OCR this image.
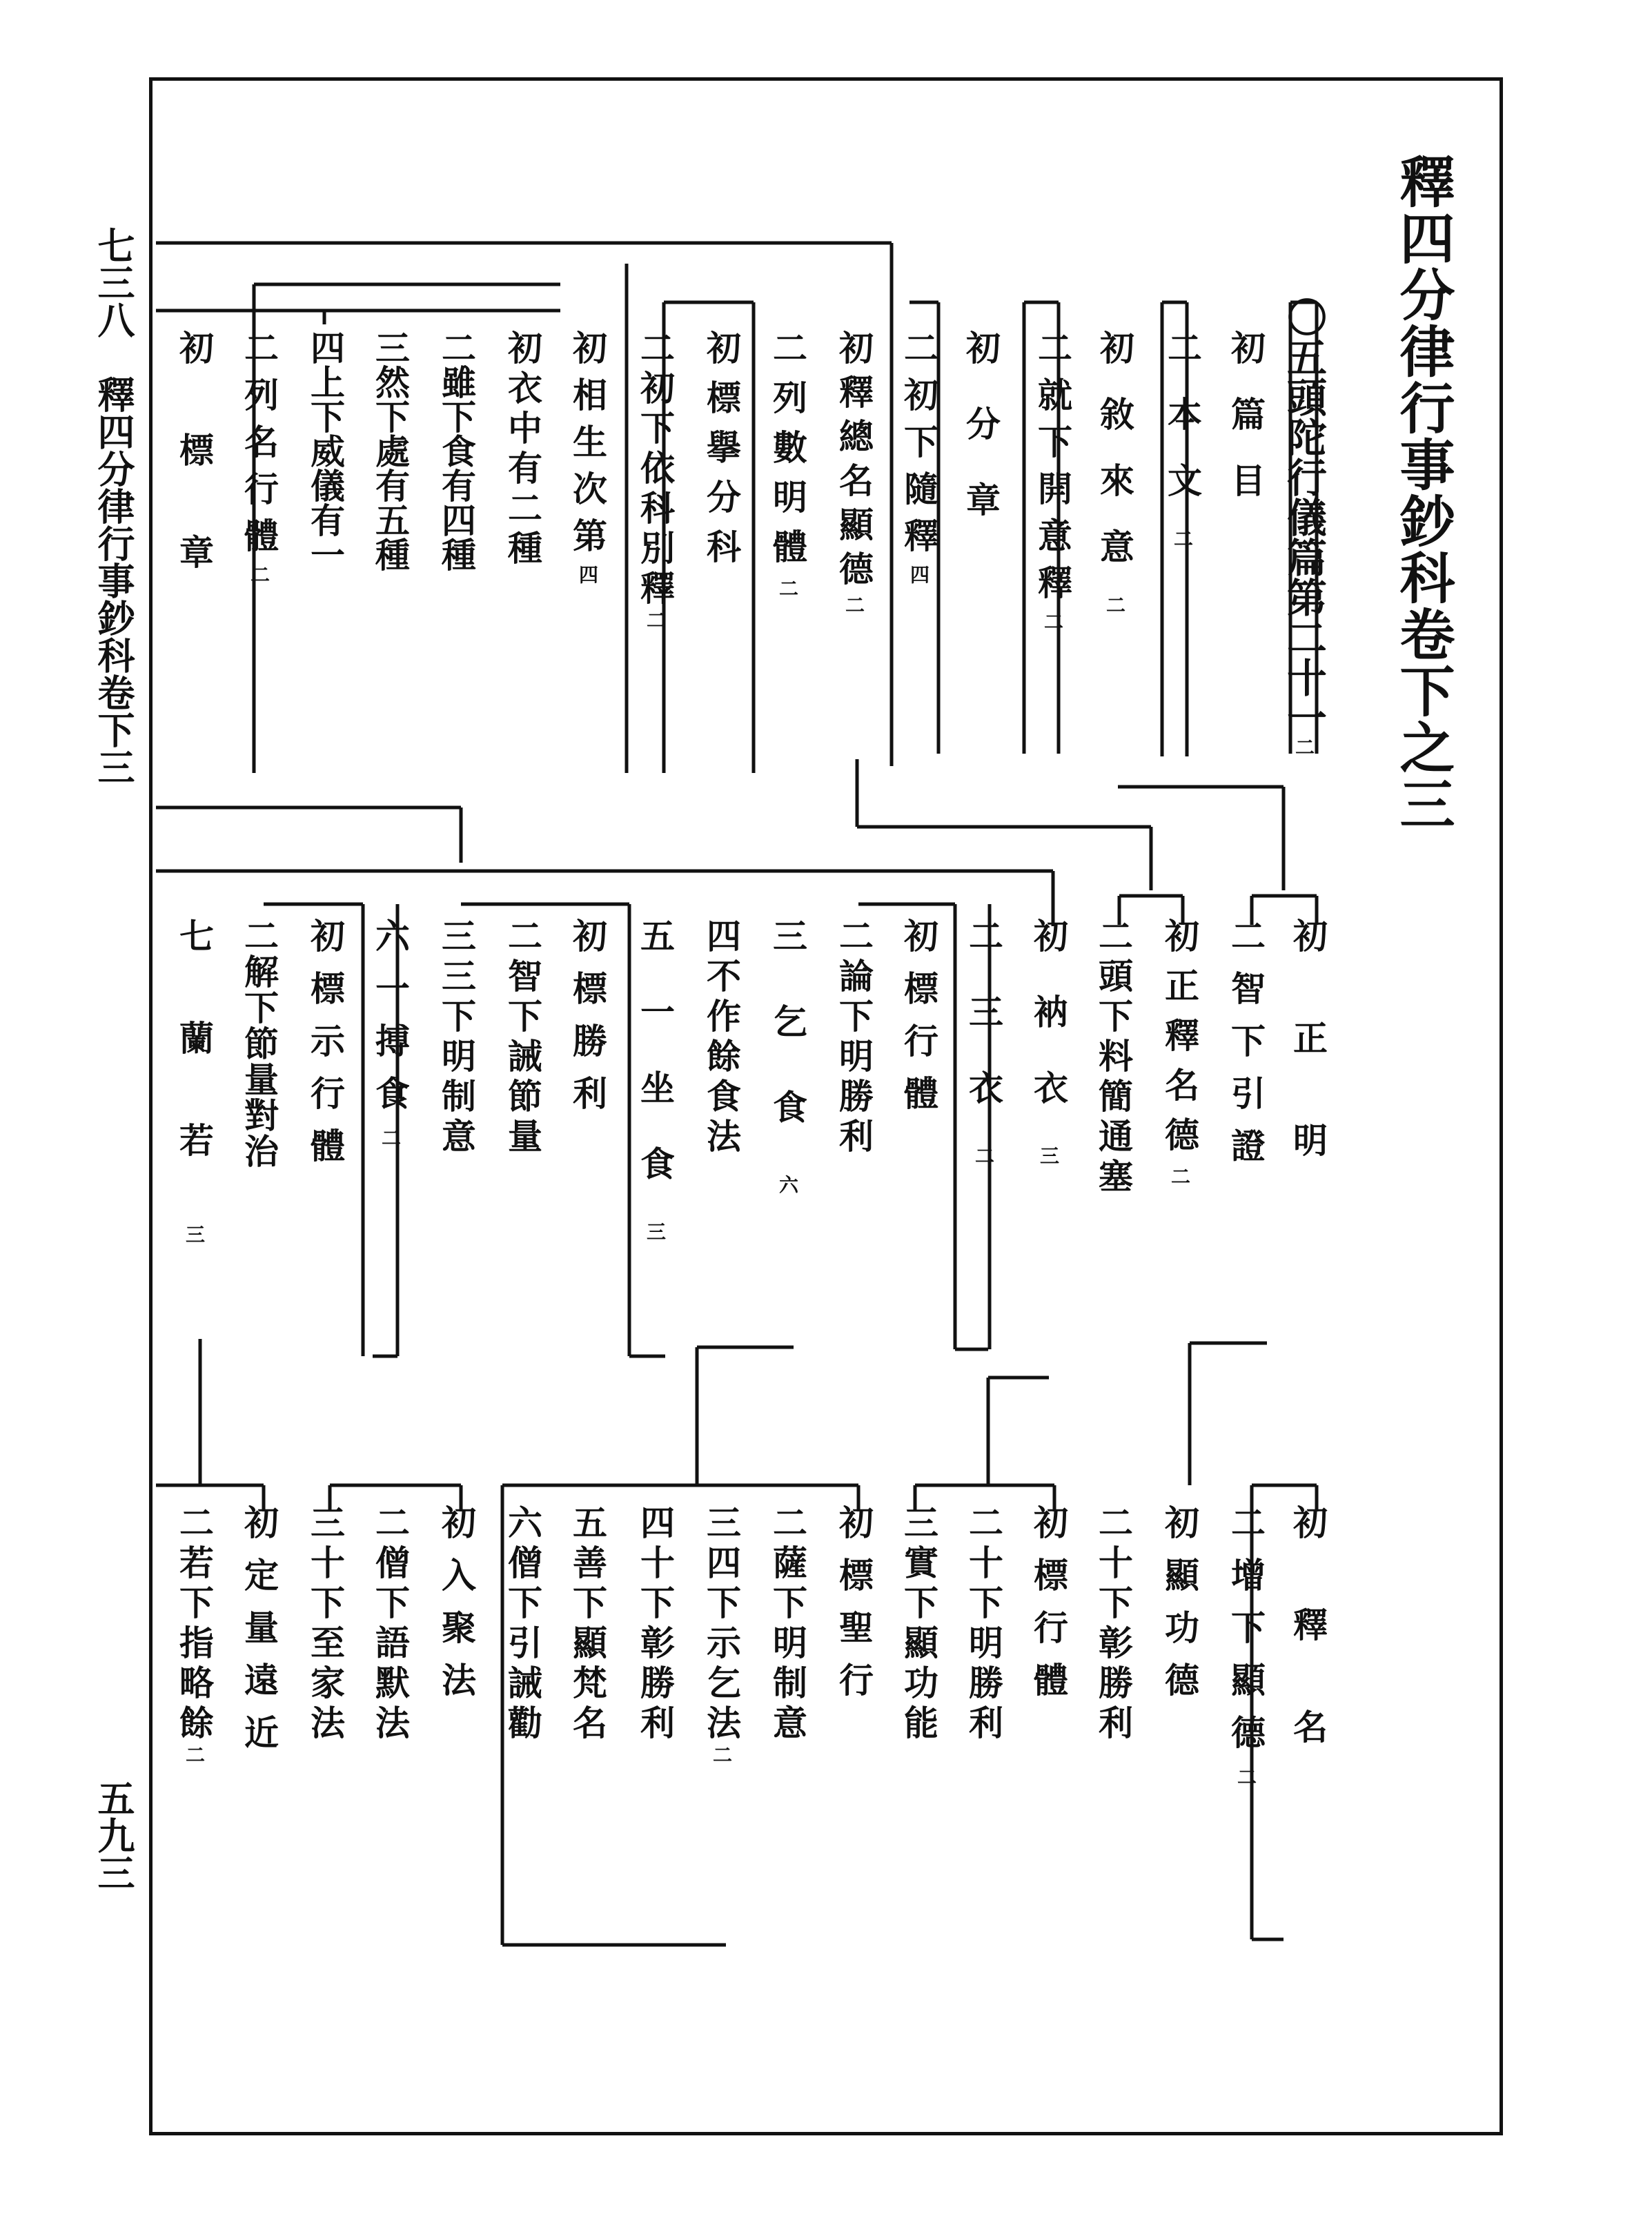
釋四分律行事鈔科卷下之三
七三八　釋四分律行事鈔科卷下三
五九三
〇五頭陀行儀篇第二十一二
初篇目
二本文二
初敘來意二
二就下開意釋二
初分章
二初下隨釋四
初釋總名顯德二
二列數明體二
初標擧分科
二初下依科別釋二
初相生次第四
初衣中有二種
二雖下食有四種
三然下處有五種
四上下威儀有一
二列名行體二
初標章
初正明
二智下引證
初正釋名德二
二頭下料簡通塞
初衲衣三
二三衣二
初標行體
二論下明勝利
三乞食六
四不作餘食法
五一坐食三
初標勝利
二智下誡節量
三三下明制意
六一搏食二
初標示行體
二解下節量對治
七蘭若三
初釋名
二增下顯德二
初顯功德
二十下彰勝利
初標行體
二十下明勝利
三實下顯功能
初標聖行
二薩下明制意
三四下示乞法二
四十下彰勝利
五善下顯梵名
六僧下引誡勸
初入聚法
二僧下語默法
三十下至家法
初定量遠近
二若下指略餘二
